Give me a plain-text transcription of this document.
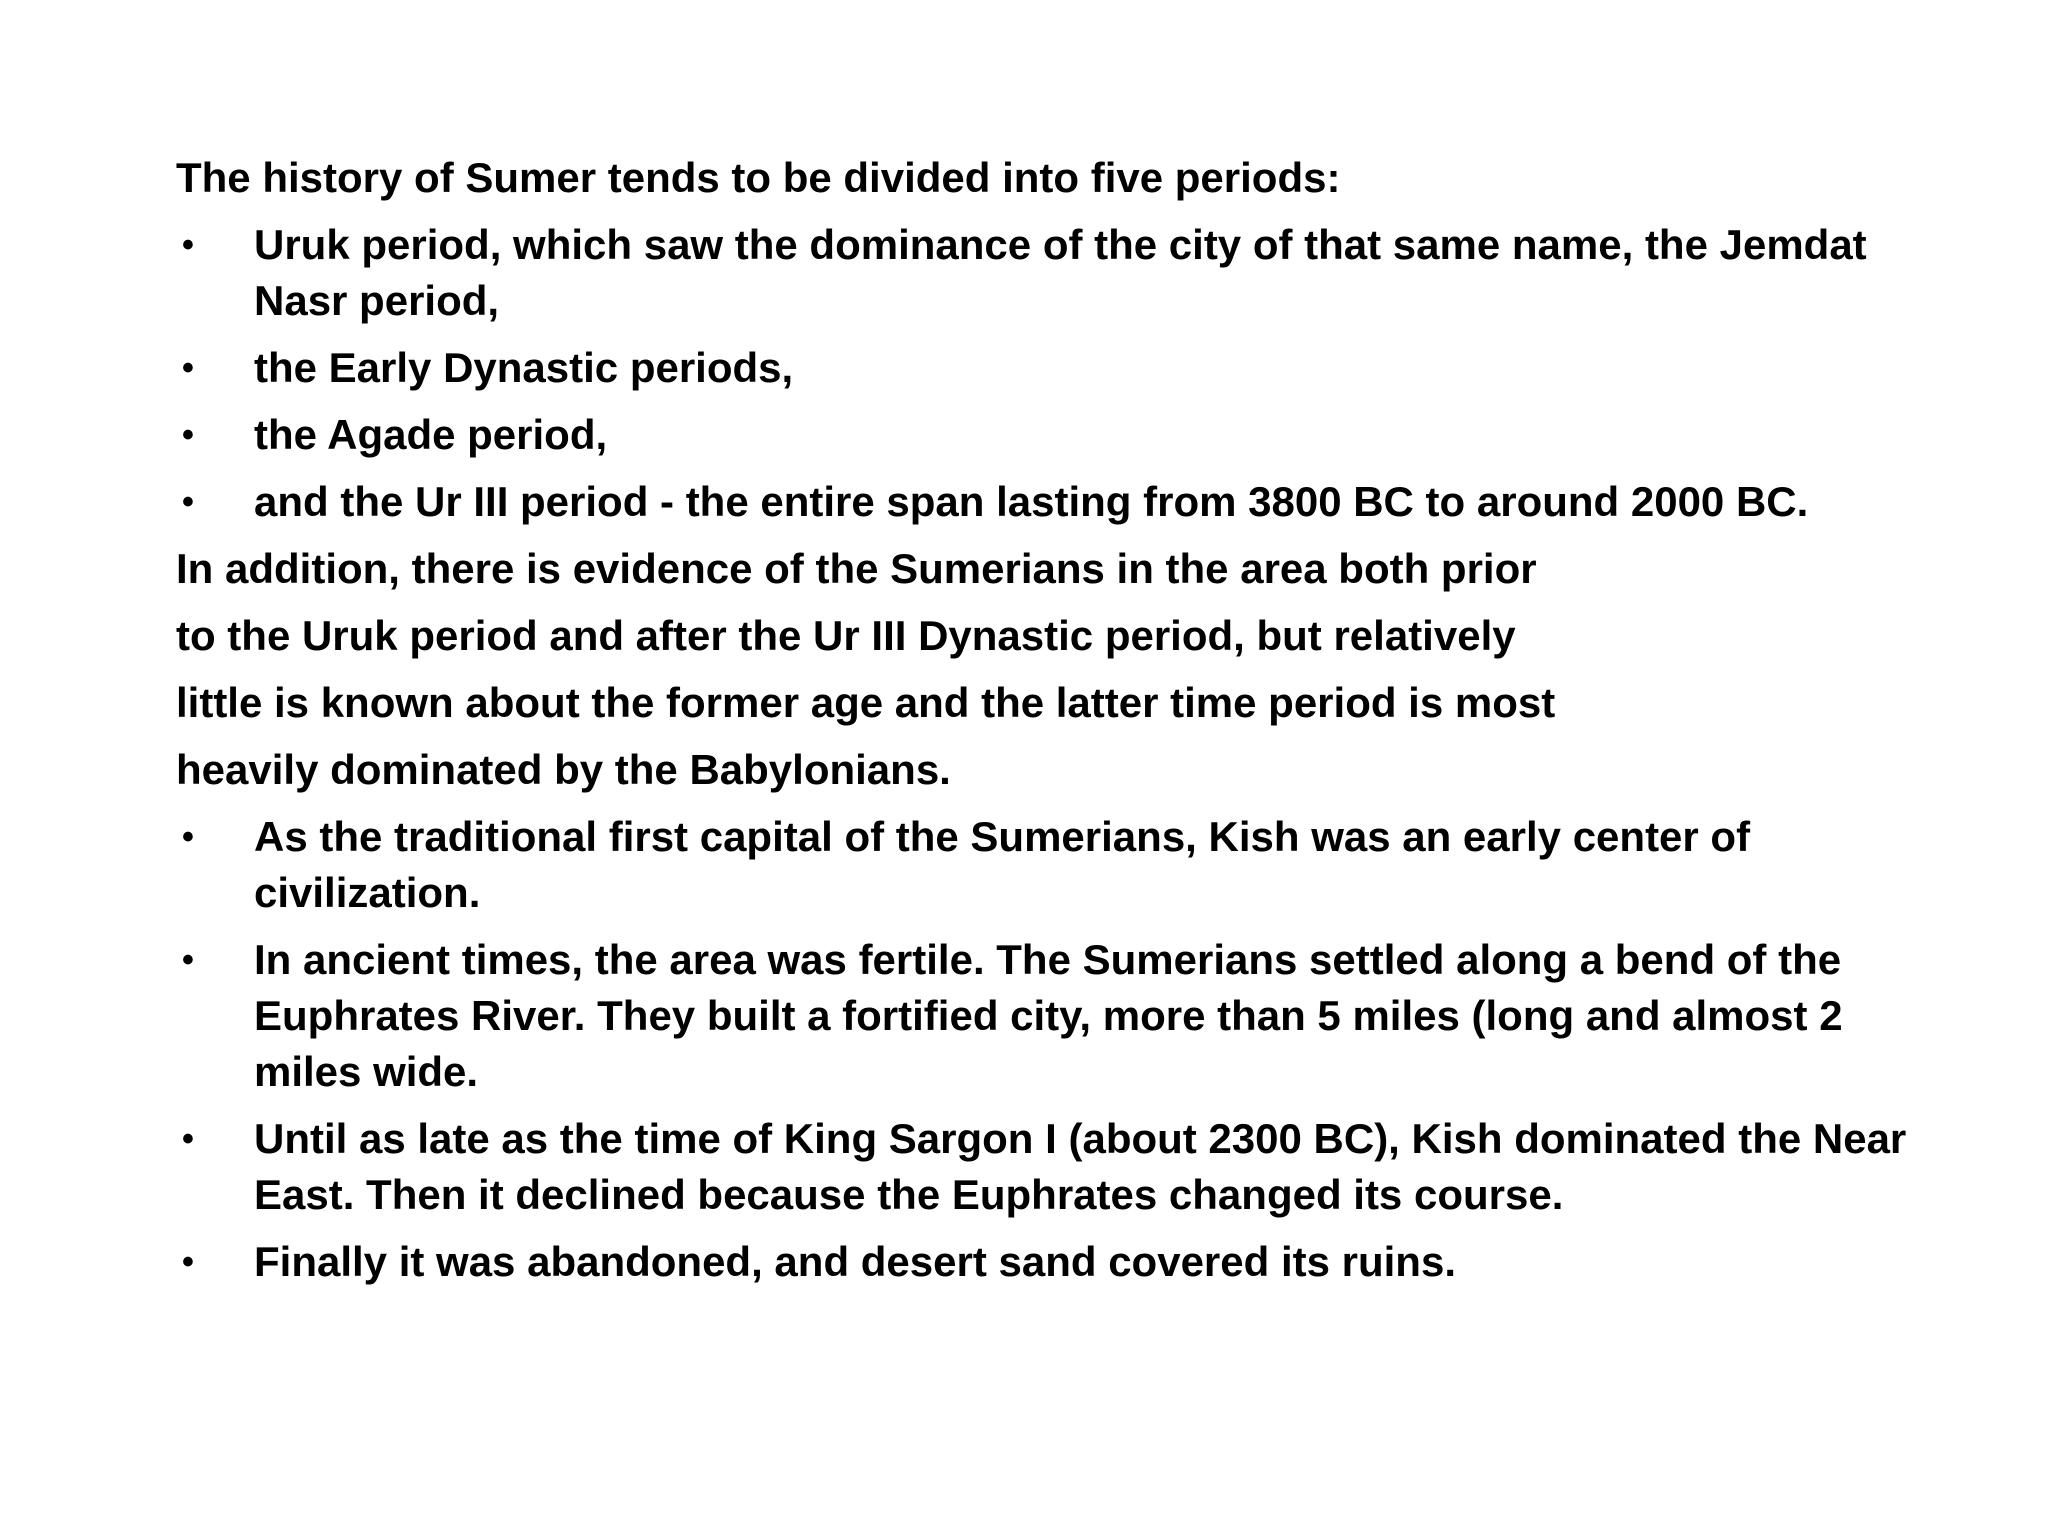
The history of Sumer tends to be divided into five periods:

• Uruk period, which saw the dominance of the city of that same name, the Jemdat Nasr period,
• the Early Dynastic periods,
• the Agade period,
• and the Ur III period - the entire span lasting from 3800 BC to around 2000 BC.

In addition, there is evidence of the Sumerians in the area both prior

to the Uruk period and after the Ur III Dynastic period, but relatively

little is known about the former age and the latter time period is most

heavily dominated by the Babylonians.

• As the traditional first capital of the Sumerians, Kish was an early center of civilization.
• In ancient times, the area was fertile. The Sumerians settled along a bend of the Euphrates River. They built a fortified city, more than 5 miles (long and almost 2 miles wide.
• Until as late as the time of King Sargon I (about 2300 BC), Kish dominated the Near East. Then it declined because the Euphrates changed its course.
• Finally it was abandoned, and desert sand covered its ruins.
